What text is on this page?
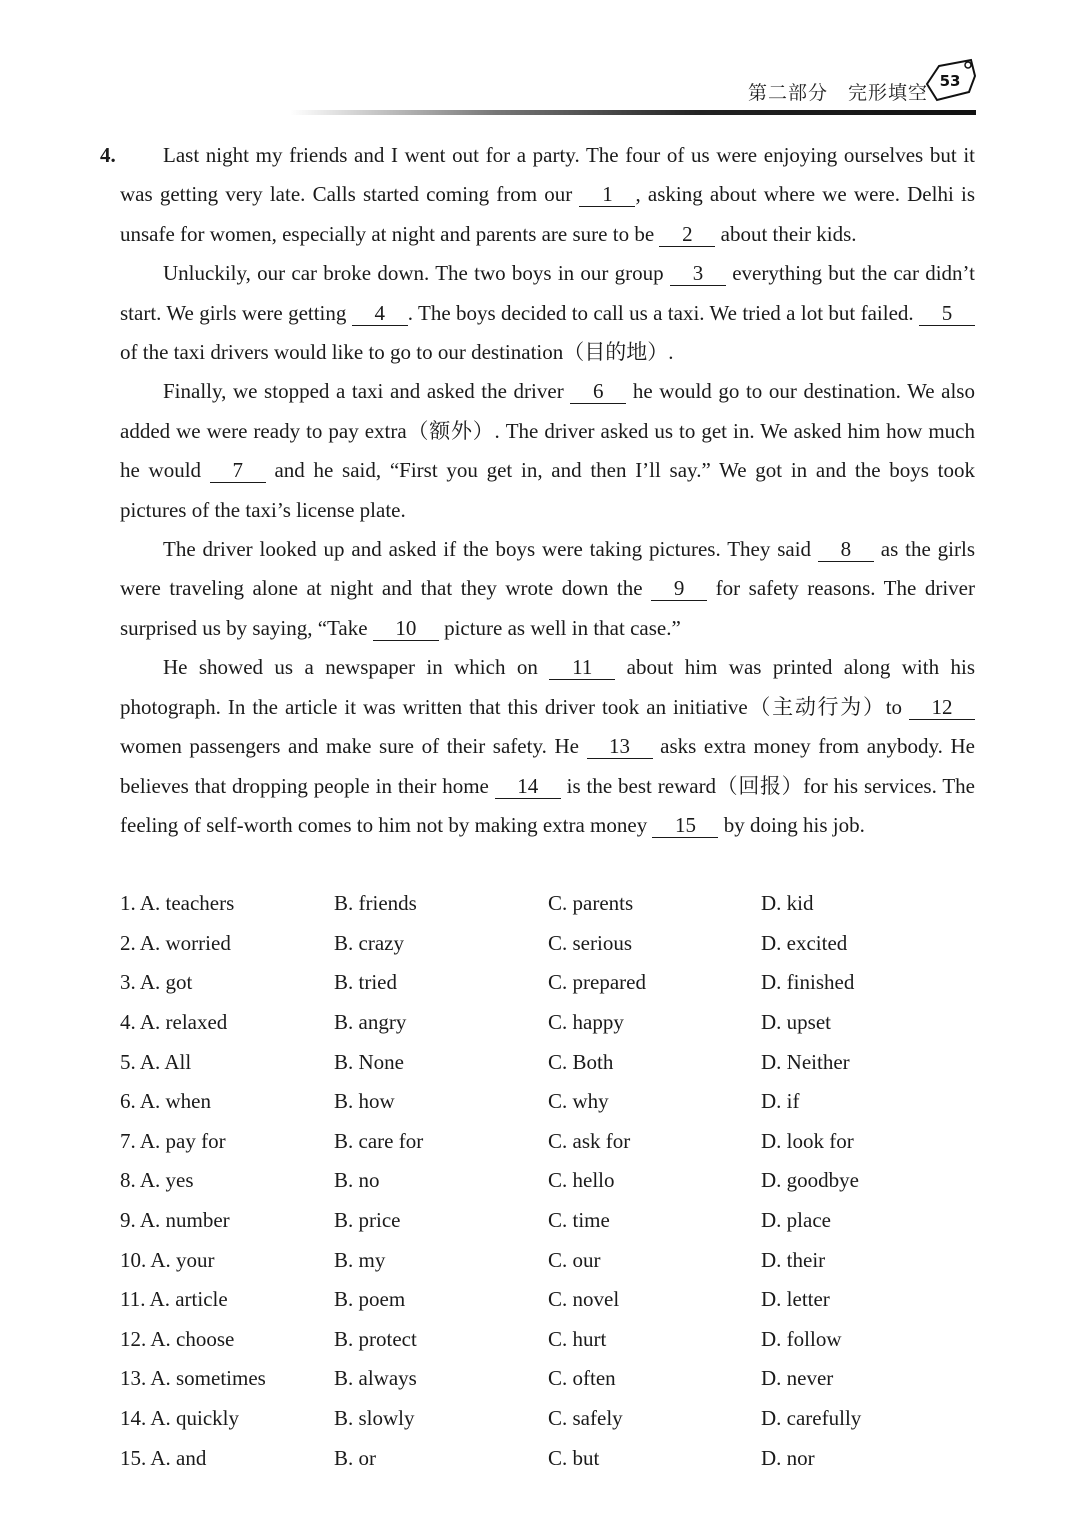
第二部分　完形填空
53
4.	Last night my friends and I went out for a party. The four of us were enjoying ourselves but it was getting very late. Calls started coming from our 1 , asking about where we were. Delhi is unsafe for women, especially at night and parents are sure to be 2 about their kids.

Unluckily, our car broke down. The two boys in our group 3 everything but the car didn’t start. We girls were getting 4 . The boys decided to call us a taxi. We tried a lot but failed. 5 of the taxi drivers would like to go to our destination（目的地）.

Finally, we stopped a taxi and asked the driver 6 he would go to our destination. We also added we were ready to pay extra（额外）. The driver asked us to get in. We asked him how much he would 7 and he said, “First you get in, and then I’ll say.” We got in and the boys took pictures of the taxi’s license plate.

The driver looked up and asked if the boys were taking pictures. They said 8 as the girls were traveling alone at night and that they wrote down the 9 for safety reasons. The driver surprised us by saying, “Take 10 picture as well in that case.”

He showed us a newspaper in which on 11 about him was printed along with his photograph. In the article it was written that this driver took an initiative（主动行为）to 12 women passengers and make sure of their safety. He 13 asks extra money from anybody. He believes that dropping people in their home 14 is the best reward（回报）for his services. The feeling of self-worth comes to him not by making extra money 15 by doing his job.

1. A. teachers	B. friends	C. parents	D. kid
2. A. worried	B. crazy	C. serious	D. excited
3. A. got	B. tried	C. prepared	D. finished
4. A. relaxed	B. angry	C. happy	D. upset
5. A. All	B. None	C. Both	D. Neither
6. A. when	B. how	C. why	D. if
7. A. pay for	B. care for	C. ask for	D. look for
8. A. yes	B. no	C. hello	D. goodbye
9. A. number	B. price	C. time	D. place
10. A. your	B. my	C. our	D. their
11. A. article	B. poem	C. novel	D. letter
12. A. choose	B. protect	C. hurt	D. follow
13. A. sometimes	B. always	C. often	D. never
14. A. quickly	B. slowly	C. safely	D. carefully
15. A. and	B. or	C. but	D. nor
